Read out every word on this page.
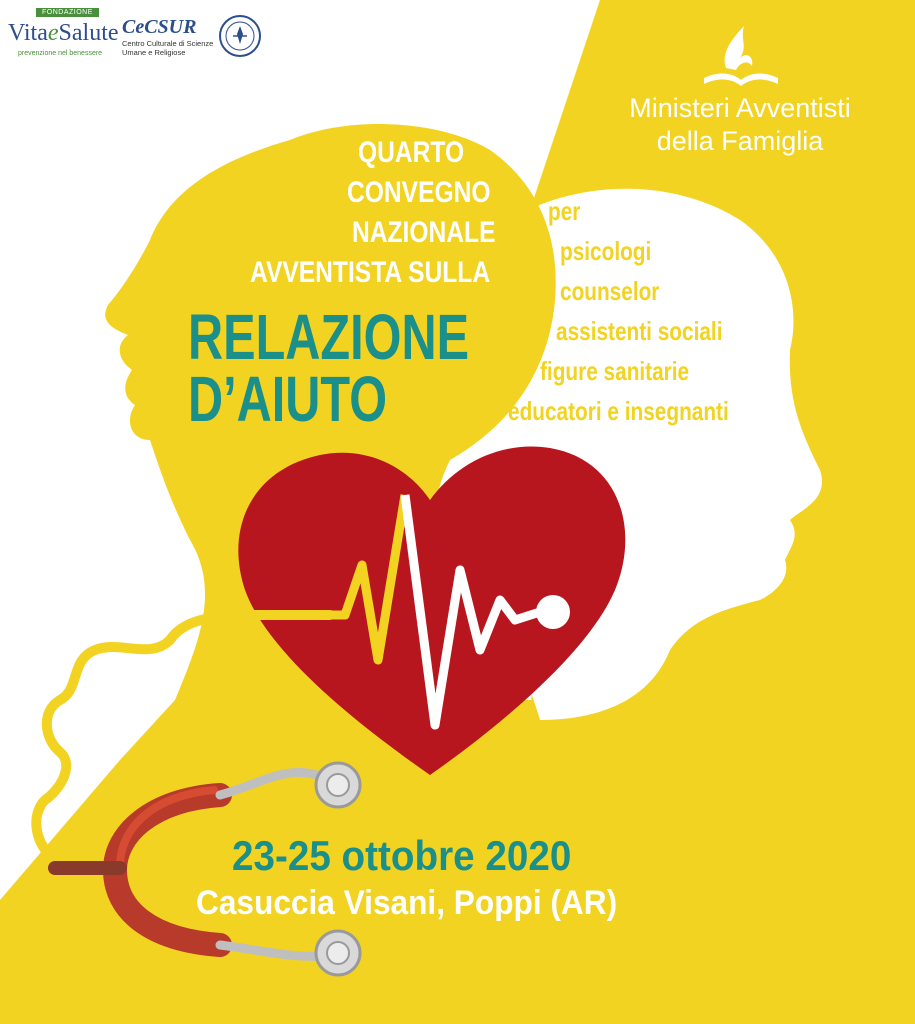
FONDAZIONE
VitaeSalute
prevenzione nel benessere
CeCSUR
Centro Culturale di Scienze Umane e Religiose
Ministeri Avventisti
della Famiglia
QUARTO
CONVEGNO
NAZIONALE
AVVENTISTA SULLA
RELAZIONE
D’AIUTO
per
psicologi
counselor
assistenti sociali
figure sanitarie
educatori e insegnanti
23-25 ottobre 2020
Casuccia Visani, Poppi (AR)
